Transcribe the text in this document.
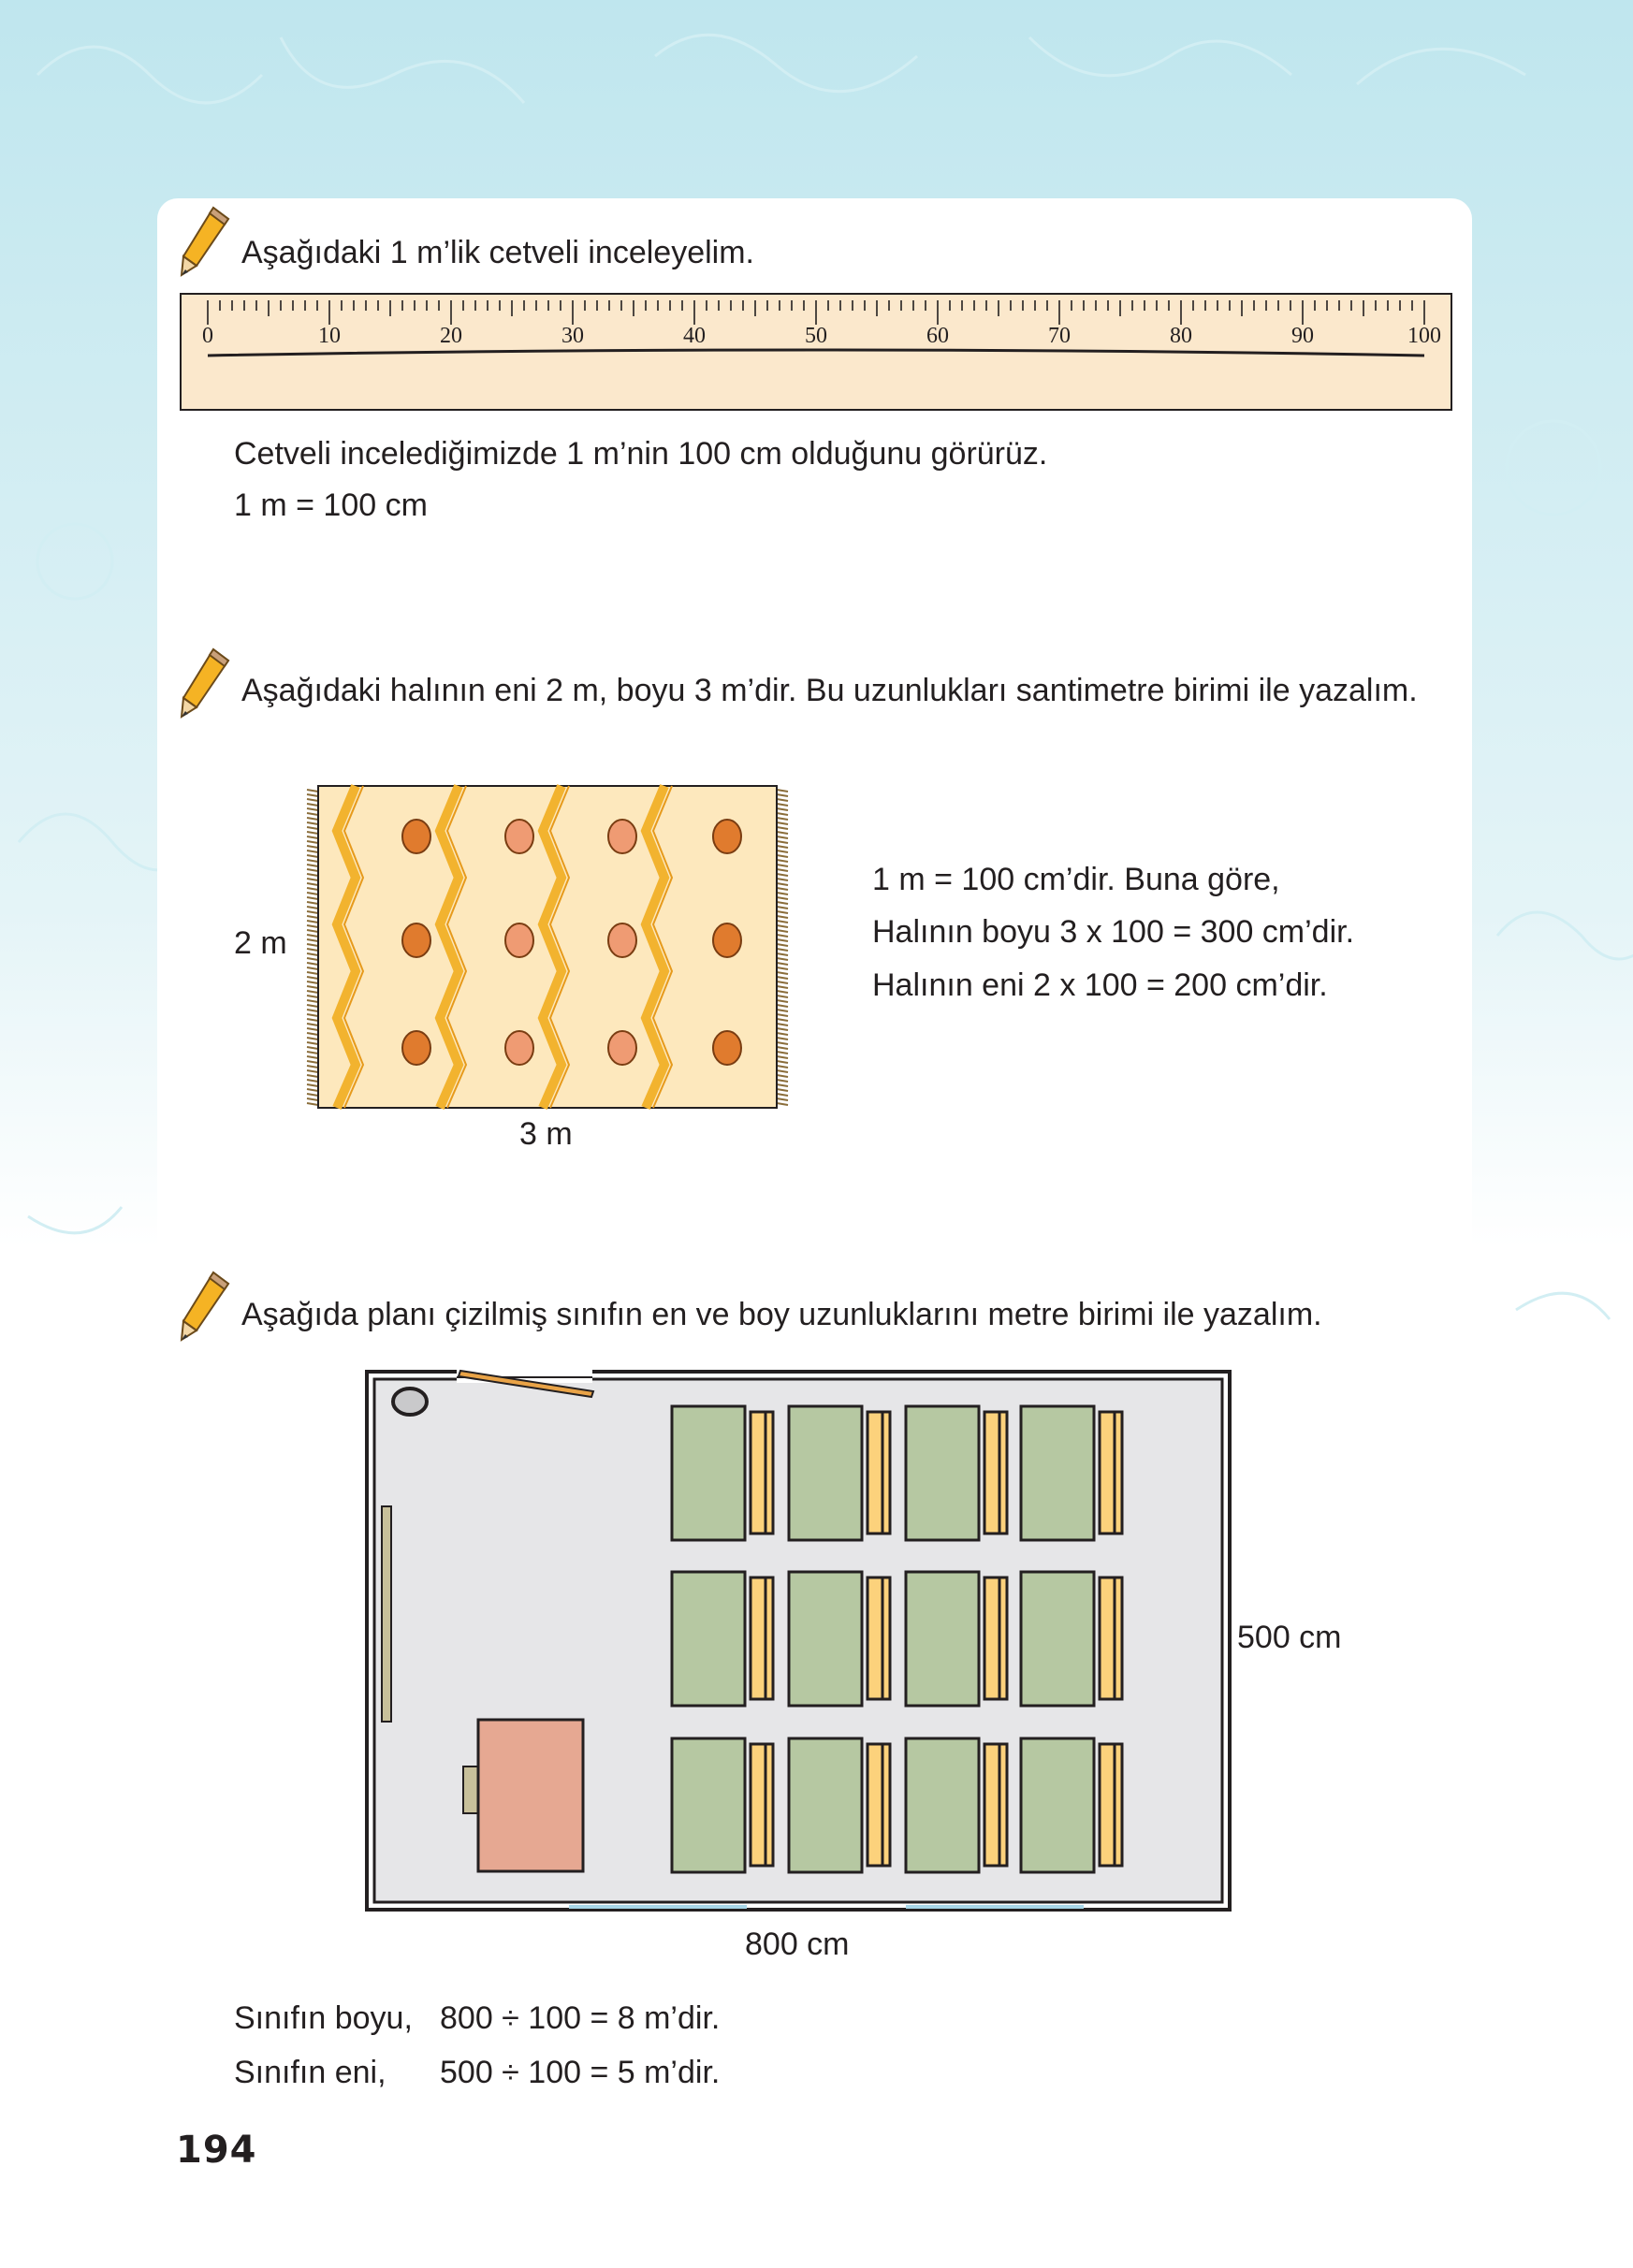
Aşağıdaki 1 m’lik cetveli inceleyelim.
0	10	20	30	40	50	60	70	80	90	100
Cetveli incelediğimizde 1 m’nin 100 cm olduğunu görürüz.
1 m = 100 cm
Aşağıdaki halının eni 2 m, boyu 3 m’dir. Bu uzunlukları santimetre birimi ile yazalım.
2 m
3 m
1 m = 100 cm’dir. Buna göre,
Halının boyu 3 x 100 = 300 cm’dir.
Halının eni 2 x 100 = 200 cm’dir.
Aşağıda planı çizilmiş sınıfın en ve boy uzunluklarını metre birimi ile yazalım.
500 cm
800 cm
Sınıfın boyu, 800 ÷ 100 = 8 m’dir.
Sınıfın eni, 500 ÷ 100 = 5 m’dir.
194
